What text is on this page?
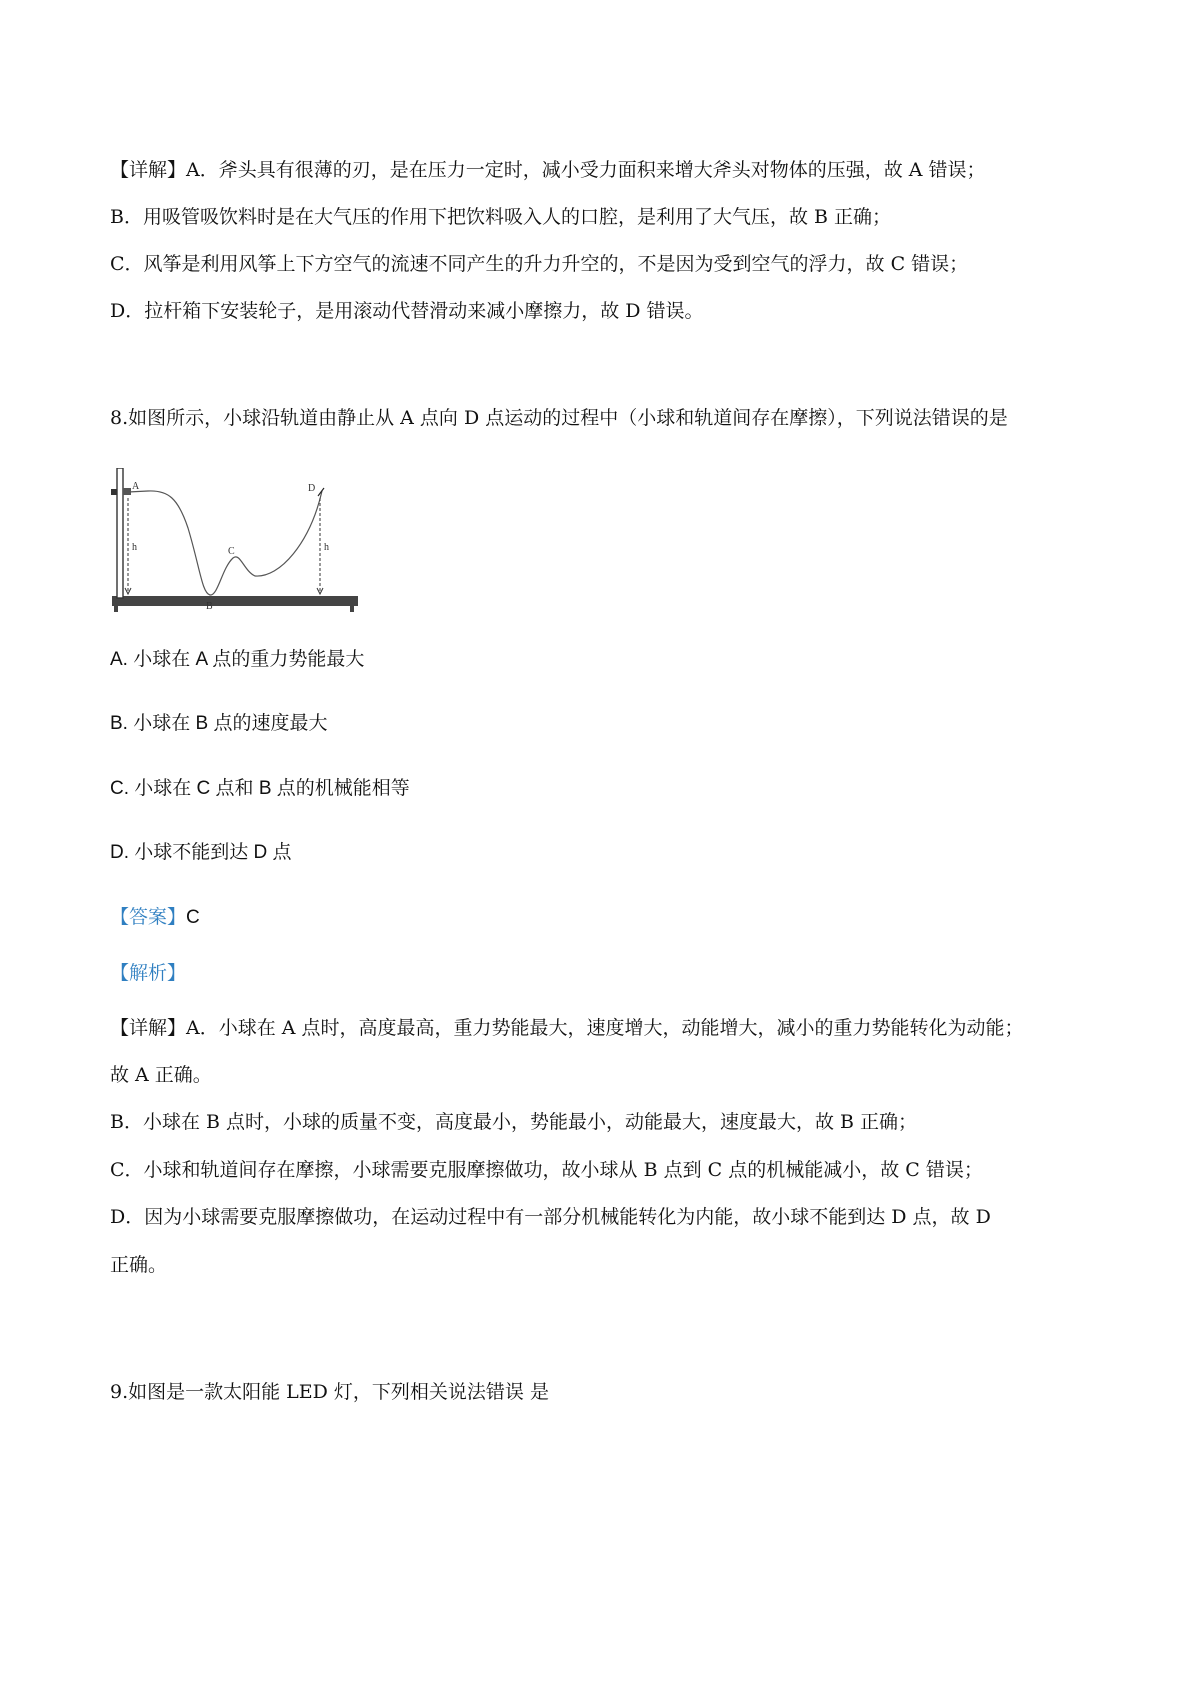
【详解】A．斧头具有很薄的刃，是在压力一定时，减小受力面积来增大斧头对物体的压强，故 A 错误；
B．用吸管吸饮料时是在大气压的作用下把饮料吸入人的口腔，是利用了大气压，故 B 正确；
C．风筝是利用风筝上下方空气的流速不同产生的升力升空的，不是因为受到空气的浮力，故 C 错误；
D．拉杆箱下安装轮子，是用滚动代替滑动来减小摩擦力，故 D 错误。
8.如图所示，小球沿轨道由静止从 A 点向 D 点运动的过程中（小球和轨道间存在摩擦），下列说法错误的是
A
B
C
D
h	h
A. 小球在 A 点的重力势能最大
B. 小球在 B 点的速度最大
C. 小球在 C 点和 B 点的机械能相等
D. 小球不能到达 D 点
【答案】C
【解析】
【详解】A．小球在 A 点时，高度最高，重力势能最大，速度增大，动能增大，减小的重力势能转化为动能；
故 A 正确。
B．小球在 B 点时，小球的质量不变，高度最小，势能最小，动能最大，速度最大，故 B 正确；
C．小球和轨道间存在摩擦，小球需要克服摩擦做功，故小球从 B 点到 C 点的机械能减小，故 C 错误；
D．因为小球需要克服摩擦做功，在运动过程中有一部分机械能转化为内能，故小球不能到达 D 点，故 D
正确。
9.如图是一款太阳能 LED 灯，下列相关说法错误 是
